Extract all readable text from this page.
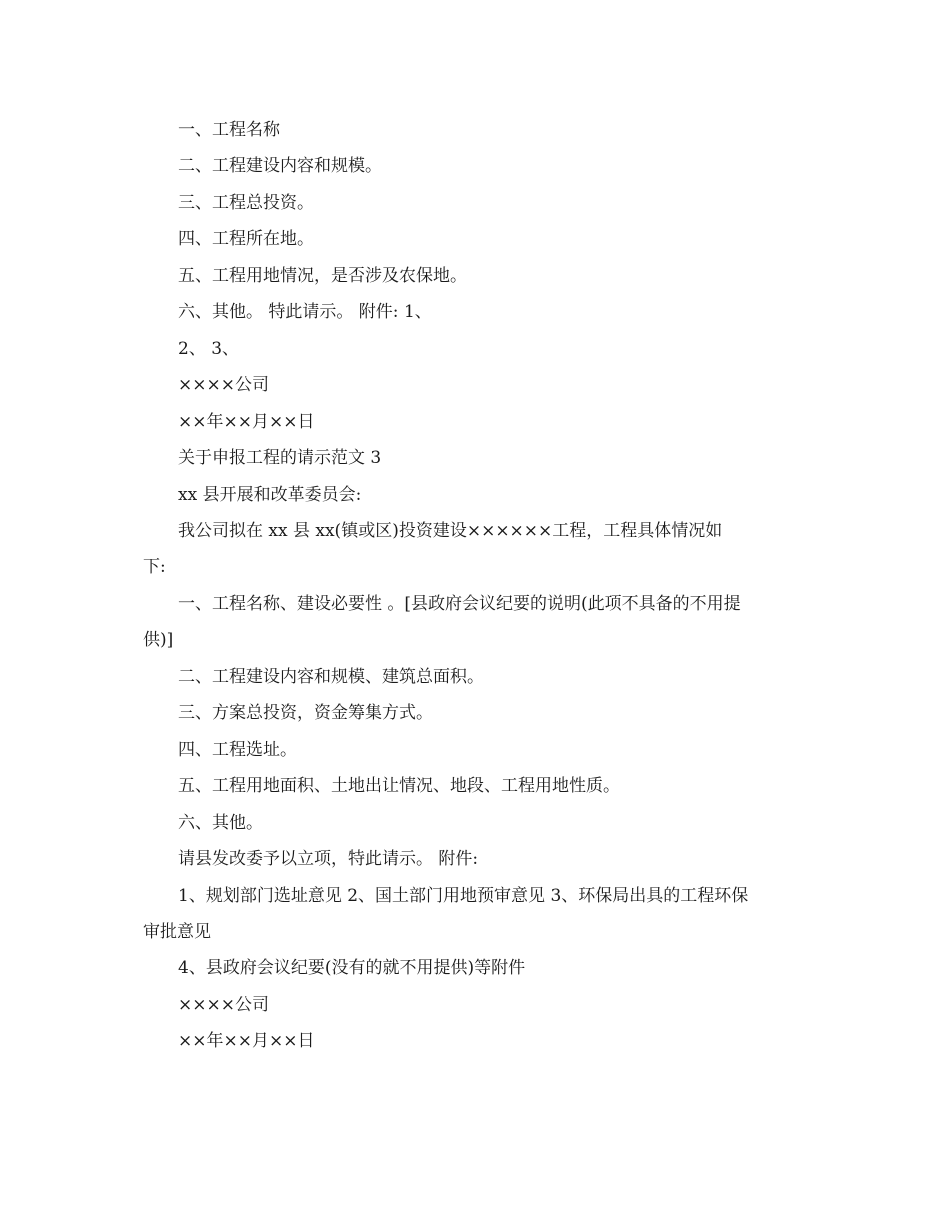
一、工程名称
二、工程建设内容和规模。
三、工程总投资。
四、工程所在地。
五、工程用地情况，是否涉及农保地。
六、其他。 特此请示。 附件: 1、
2、 3、
××××公司
××年××月××日
关于申报工程的请示范文 3
xx 县开展和改革委员会:
我公司拟在 xx 县 xx(镇或区)投资建设××××××工程，工程具体情况如
下:
一、工程名称、建设必要性 。[县政府会议纪要的说明(此项不具备的不用提
供)]
二、工程建设内容和规模、建筑总面积。
三、方案总投资，资金筹集方式。
四、工程选址。
五、工程用地面积、土地出让情况、地段、工程用地性质。
六、其他。
请县发改委予以立项，特此请示。 附件:
1、规划部门选址意见 2、国土部门用地预审意见 3、环保局出具的工程环保
审批意见
4、县政府会议纪要(没有的就不用提供)等附件
××××公司
××年××月××日
